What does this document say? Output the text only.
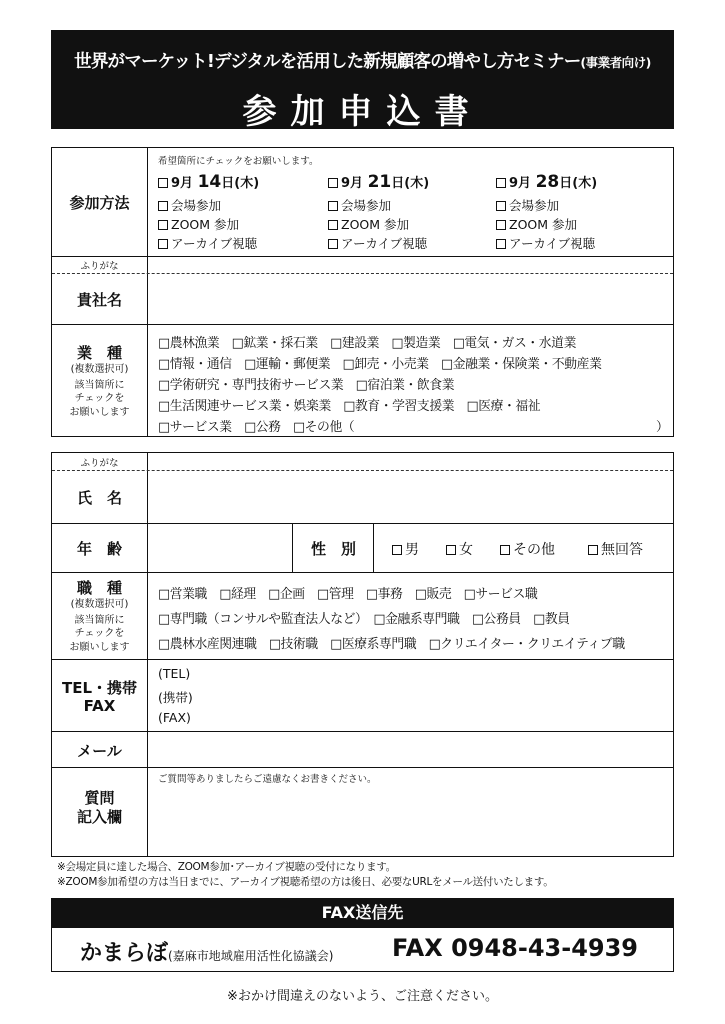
世界がマーケット!デジタルを活用した新規顧客の増やし方セミナー(事業者向け)
参加申込書
参加方法
希望箇所にチェックをお願いします。
9月 14日(木)
会場参加
ZOOM 参加
アーカイブ視聴
9月 21日(木)
会場参加
ZOOM 参加
アーカイブ視聴
9月 28日(木)
会場参加
ZOOM 参加
アーカイブ視聴
ふりがな
貴社名
業　種
(複数選択可)
該当箇所に
チェックを
お願いします
□農林漁業　□鉱業・採石業　□建設業　□製造業　□電気・ガス・水道業
□情報・通信　□運輸・郵便業　□卸売・小売業　□金融業・保険業・不動産業
□学術研究・専門技術サービス業　□宿泊業・飲食業
□生活関連サービス業・娯楽業　□教育・学習支援業　□医療・福祉
□サービス業　□公務　□その他（	）
ふりがな
氏　名
年　齢	性　別	男	女	その他	無回答
職　種
(複数選択可)
該当箇所に
チェックを
お願いします
□営業職　□経理　□企画　□管理　□事務　□販売　□サービス職
□専門職（コンサルや監査法人など）　□金融系専門職　□公務員　□教員
□農林水産関連職　□技術職　□医療系専門職　□クリエイター・クリエイティブ職
TEL・携帯
FAX
(TEL)
(携帯)
(FAX)
メール
質問
記入欄
ご質問等ありましたらご遠慮なくお書きください。
※会場定員に達した場合、ZOOM参加･アーカイブ視聴の受付になります。
※ZOOM参加希望の方は当日までに、アーカイブ視聴希望の方は後日、必要なURLをメール送付いたします。
FAX送信先
かまらぼ(嘉麻市地域雇用活性化協議会) FAX 0948-43-4939
※おかけ間違えのないよう、ご注意ください。
